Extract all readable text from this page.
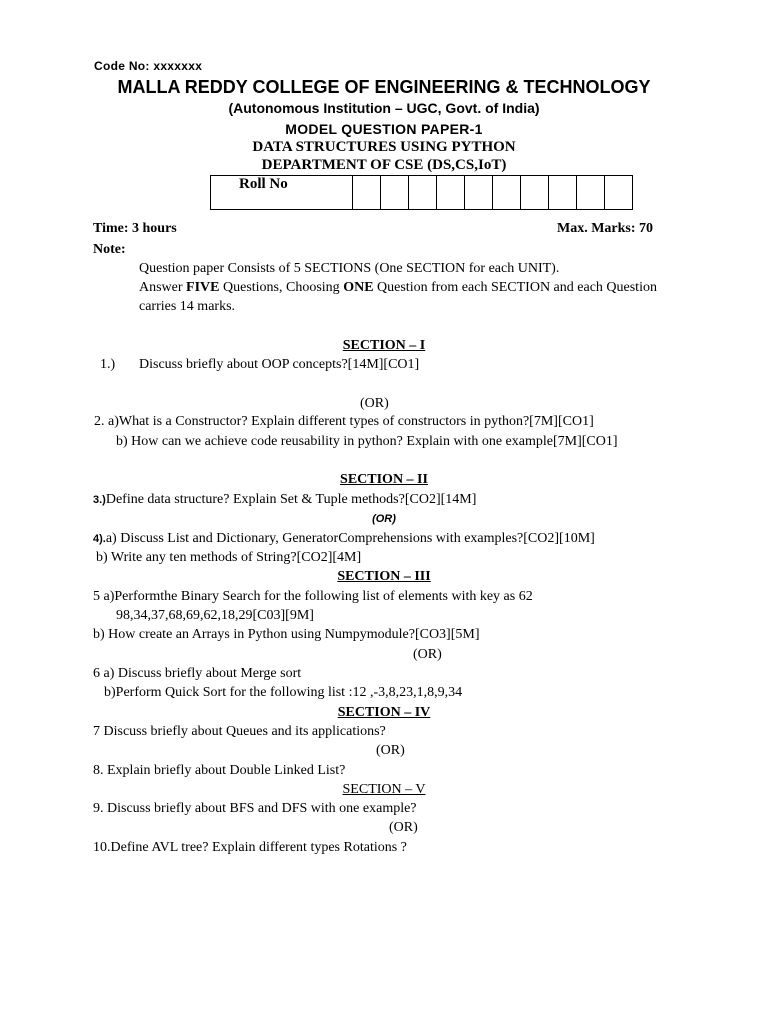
Code No: xxxxxxx
MALLA REDDY COLLEGE OF ENGINEERING & TECHNOLOGY
(Autonomous Institution – UGC, Govt. of India)
MODEL QUESTION PAPER-1
DATA STRUCTURES USING PYTHON
DEPARTMENT OF CSE (DS,CS,IoT)
Roll No										
Time: 3 hours	Max. Marks: 70
Note:
Question paper Consists of 5 SECTIONS (One SECTION for each UNIT).
Answer FIVE Questions, Choosing ONE Question from each SECTION and each Question
carries 14 marks.
SECTION – I
1.) Discuss briefly about OOP concepts?[14M][CO1]
(OR)
2. a)What is a Constructor? Explain different types of constructors in python?[7M][CO1]
b) How can we achieve code reusability in python? Explain with one example[7M][CO1]
SECTION – II
3.)Define data structure? Explain Set & Tuple methods?[CO2][14M]
(OR)
4).a) Discuss List and Dictionary, GeneratorComprehensions with examples?[CO2][10M]
b) Write any ten methods of String?[CO2][4M]
SECTION – III
5 a)Performthe Binary Search for the following list of elements with key as 62
98,34,37,68,69,62,18,29[C03][9M]
b) How create an Arrays in Python using Numpymodule?[CO3][5M]
(OR)
6 a) Discuss briefly about Merge sort
b)Perform Quick Sort for the following list :12 ,-3,8,23,1,8,9,34
SECTION – IV
7 Discuss briefly about Queues and its applications?
(OR)
8. Explain briefly about Double Linked List?
SECTION – V
9. Discuss briefly about BFS and DFS with one example?
(OR)
10.Define AVL tree? Explain different types Rotations ?
